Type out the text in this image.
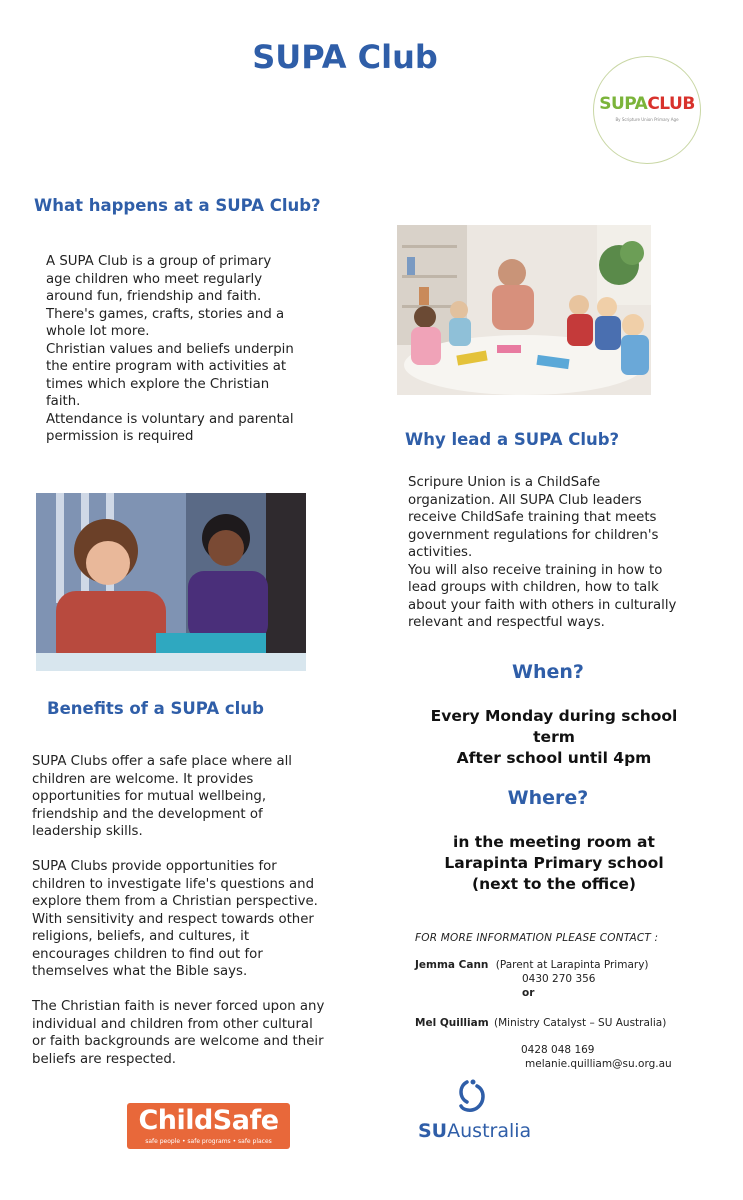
SUPA Club
SUPACLUB
By Scripture Union Primary Age
What happens at a SUPA Club?
A SUPA Club is a group of primary
age children who meet regularly
around fun, friendship and faith.
There's games, crafts, stories and a
whole lot more.
Christian values and beliefs underpin
the entire program with activities at
times which explore the Christian
faith.
Attendance is voluntary and parental
permission is required	Why lead a SUPA Club?
Scripure Union is a ChildSafe
organization. All SUPA Club leaders
receive ChildSafe training that meets
government regulations for children's
activities.
You will also receive training in how to
lead groups with children, how to talk
about your faith with others in culturally
relevant and respectful ways.
Benefits of a SUPA club
SUPA Clubs offer a safe place where all
children are welcome. It provides
opportunities for mutual wellbeing,
friendship and the development of
leadership skills.
SUPA Clubs provide opportunities for
children to investigate life's questions and
explore them from a Christian perspective.
With sensitivity and respect towards other
religions, beliefs, and cultures, it
encourages children to find out for
themselves what the Bible says.
The Christian faith is never forced upon any
individual and children from other cultural
or faith backgrounds are welcome and their
beliefs are respected.
When?
Every Monday during school
term
After school until 4pm
Where?
in the meeting room at
Larapinta Primary school
(next to the office)
FOR MORE INFORMATION PLEASE CONTACT :
Jemma Cann (Parent at Larapinta Primary)
0430 270 356
or
Mel Quilliam (Ministry Catalyst – SU Australia)
0428 048 169
melanie.quilliam@su.org.au
ChildSafe
safe people • safe programs • safe places	SUAustralia
